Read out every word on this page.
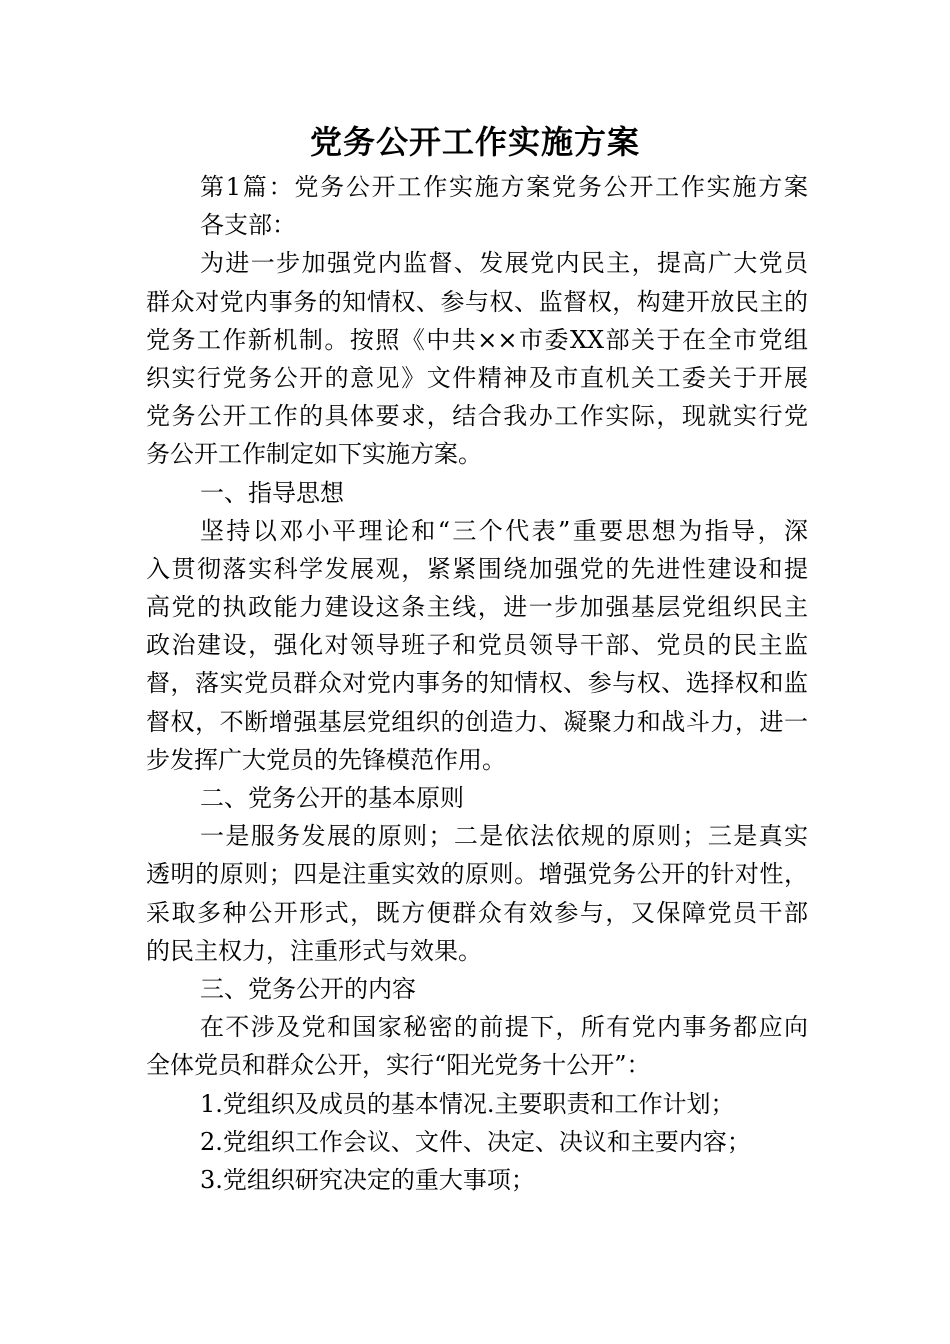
党务公开工作实施方案
第1篇：党务公开工作实施方案党务公开工作实施方案
各支部：
为进一步加强党内监督、发展党内民主，提高广大党员
群众对党内事务的知情权、参与权、监督权，构建开放民主的
党务工作新机制。按照《中共××市委XX部关于在全市党组
织实行党务公开的意见》文件精神及市直机关工委关于开展
党务公开工作的具体要求，结合我办工作实际，现就实行党
务公开工作制定如下实施方案。
一、指导思想
坚持以邓小平理论和“三个代表”重要思想为指导，深
入贯彻落实科学发展观，紧紧围绕加强党的先进性建设和提
高党的执政能力建设这条主线，进一步加强基层党组织民主
政治建设，强化对领导班子和党员领导干部、党员的民主监
督，落实党员群众对党内事务的知情权、参与权、选择权和监
督权，不断增强基层党组织的创造力、凝聚力和战斗力，进一
步发挥广大党员的先锋模范作用。
二、党务公开的基本原则
一是服务发展的原则；二是依法依规的原则；三是真实
透明的原则；四是注重实效的原则。增强党务公开的针对性，
采取多种公开形式，既方便群众有效参与，又保障党员干部
的民主权力，注重形式与效果。
三、党务公开的内容
在不涉及党和国家秘密的前提下，所有党内事务都应向
全体党员和群众公开，实行“阳光党务十公开”：
1.党组织及成员的基本情况.主要职责和工作计划；
2.党组织工作会议、文件、决定、决议和主要内容；
3.党组织研究决定的重大事项；
